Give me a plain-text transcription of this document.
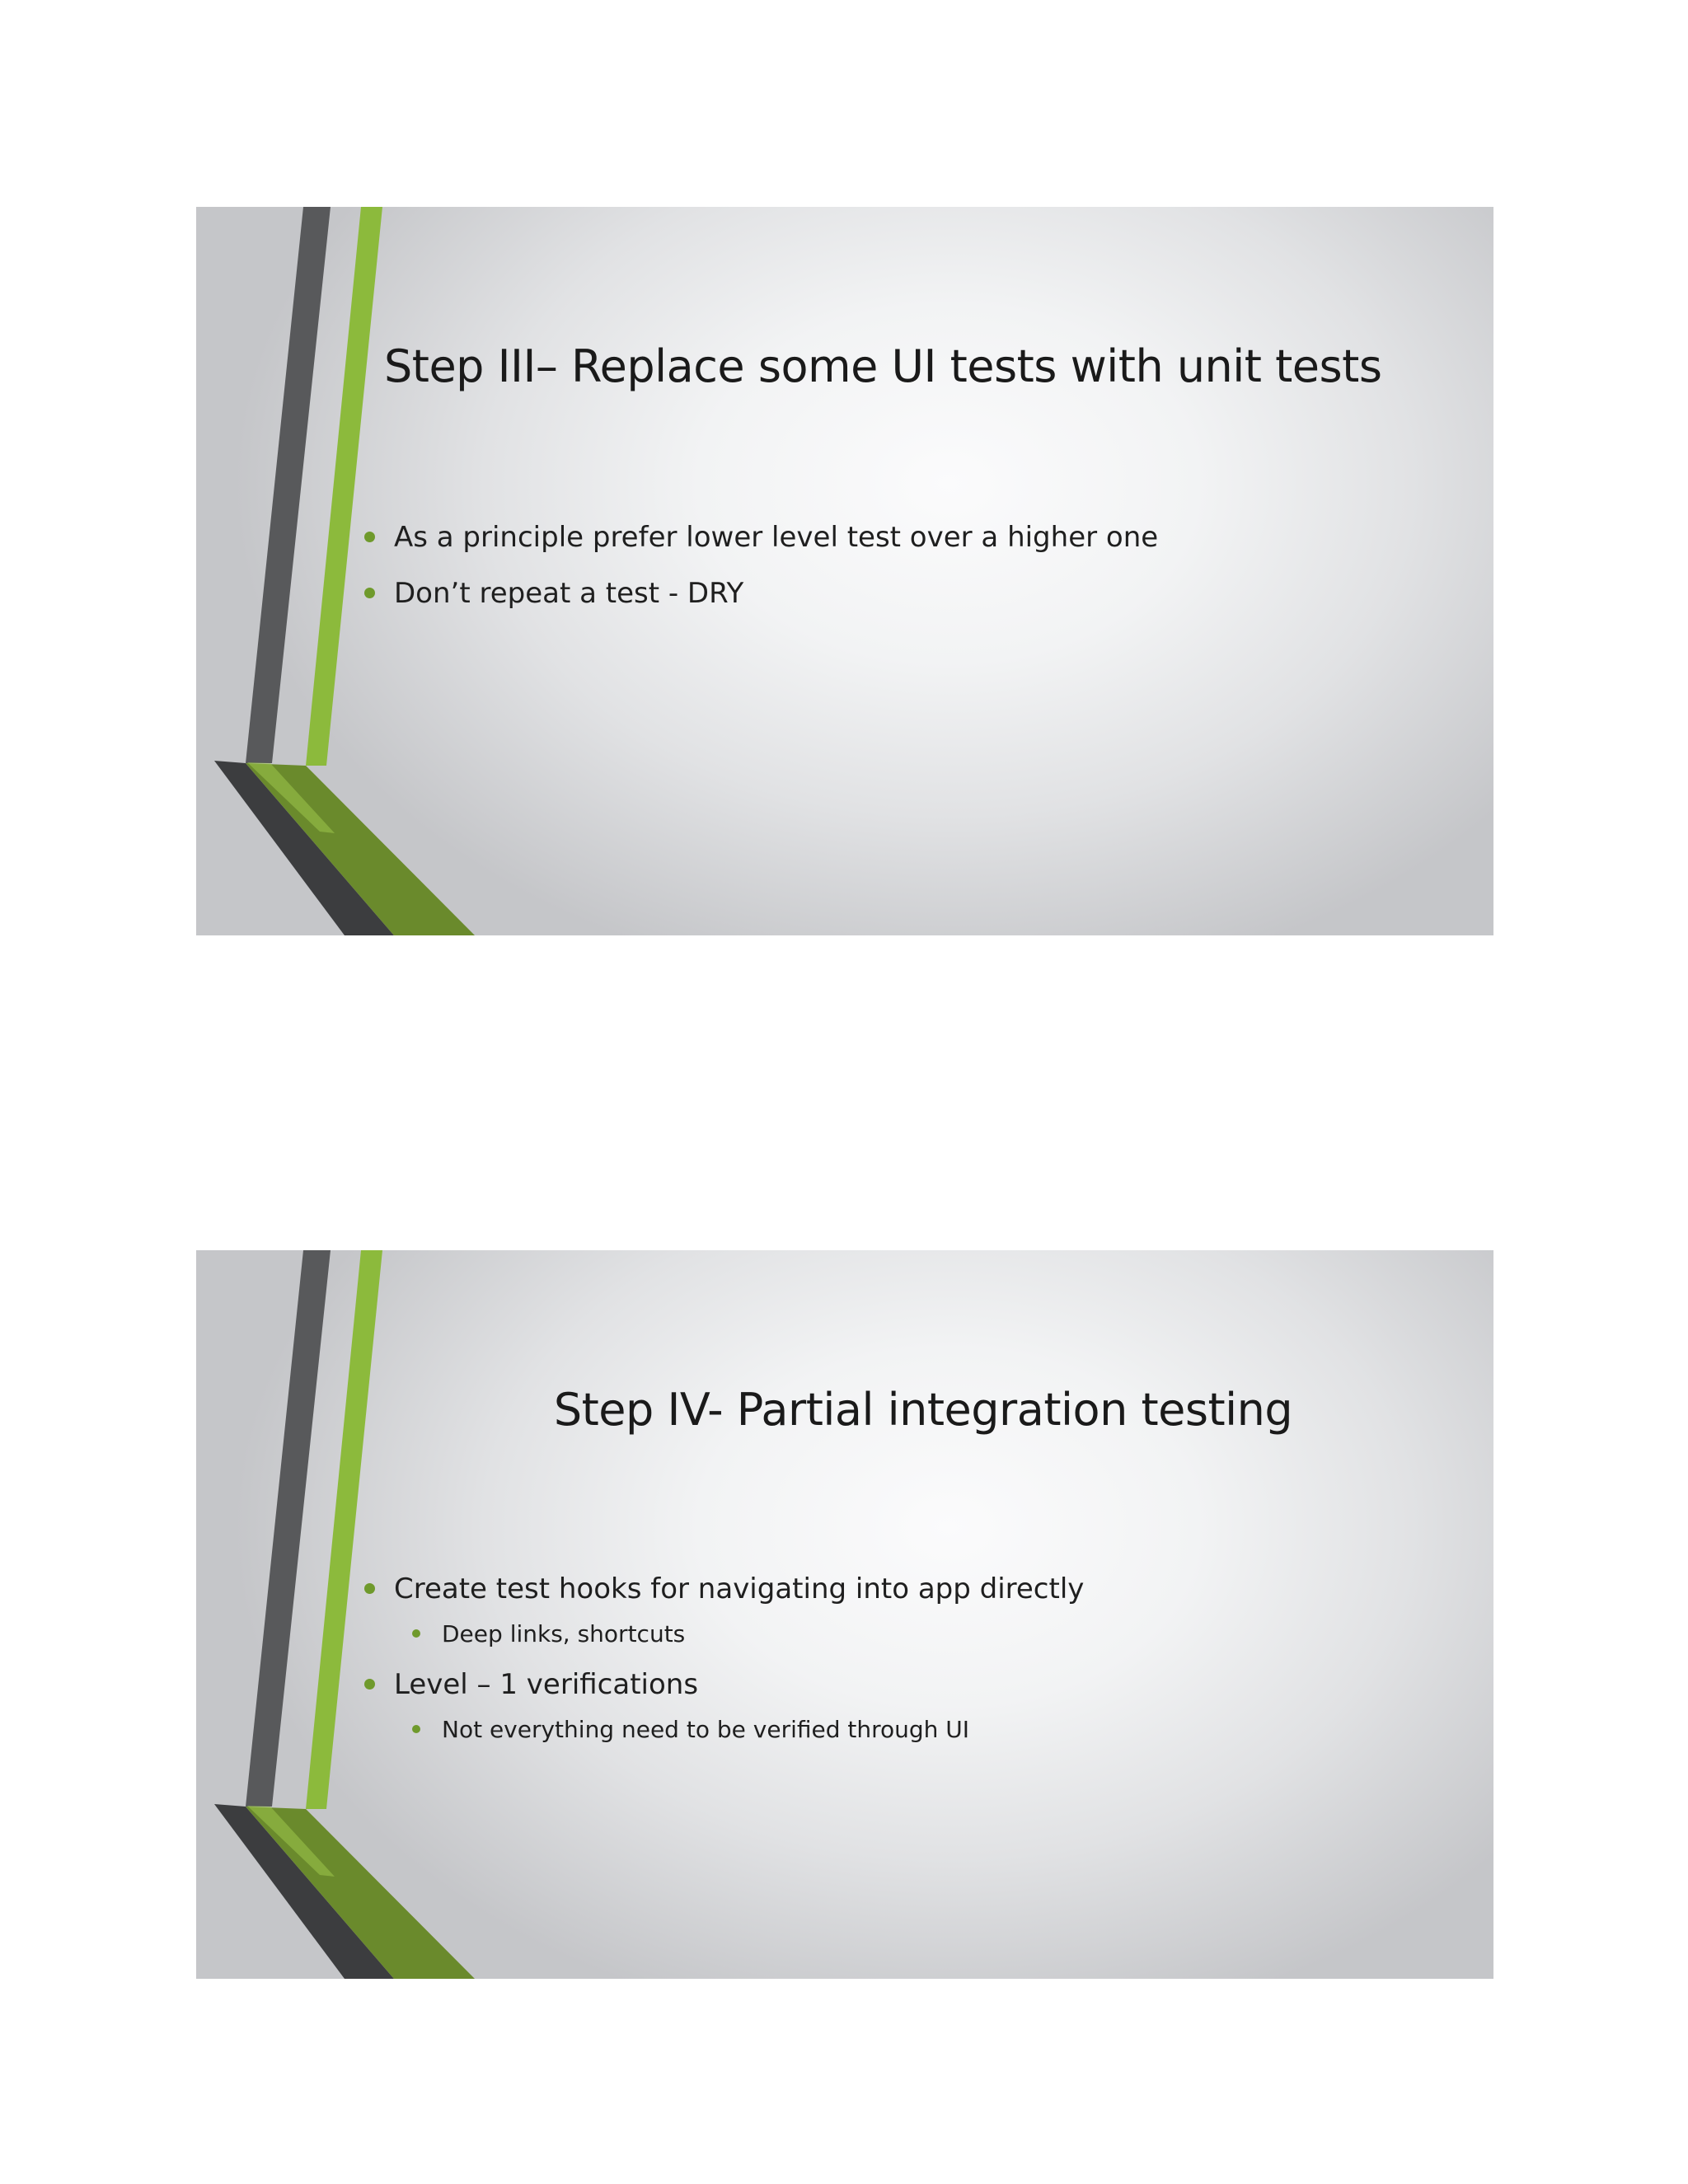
Step III– Replace some UI tests with unit tests
As a principle prefer lower level test over a higher one
Don’t repeat a test - DRY
Step IV- Partial integration testing
Create test hooks for navigating into app directly
Deep links, shortcuts
Level – 1 verifications
Not everything need to be verified through UI
